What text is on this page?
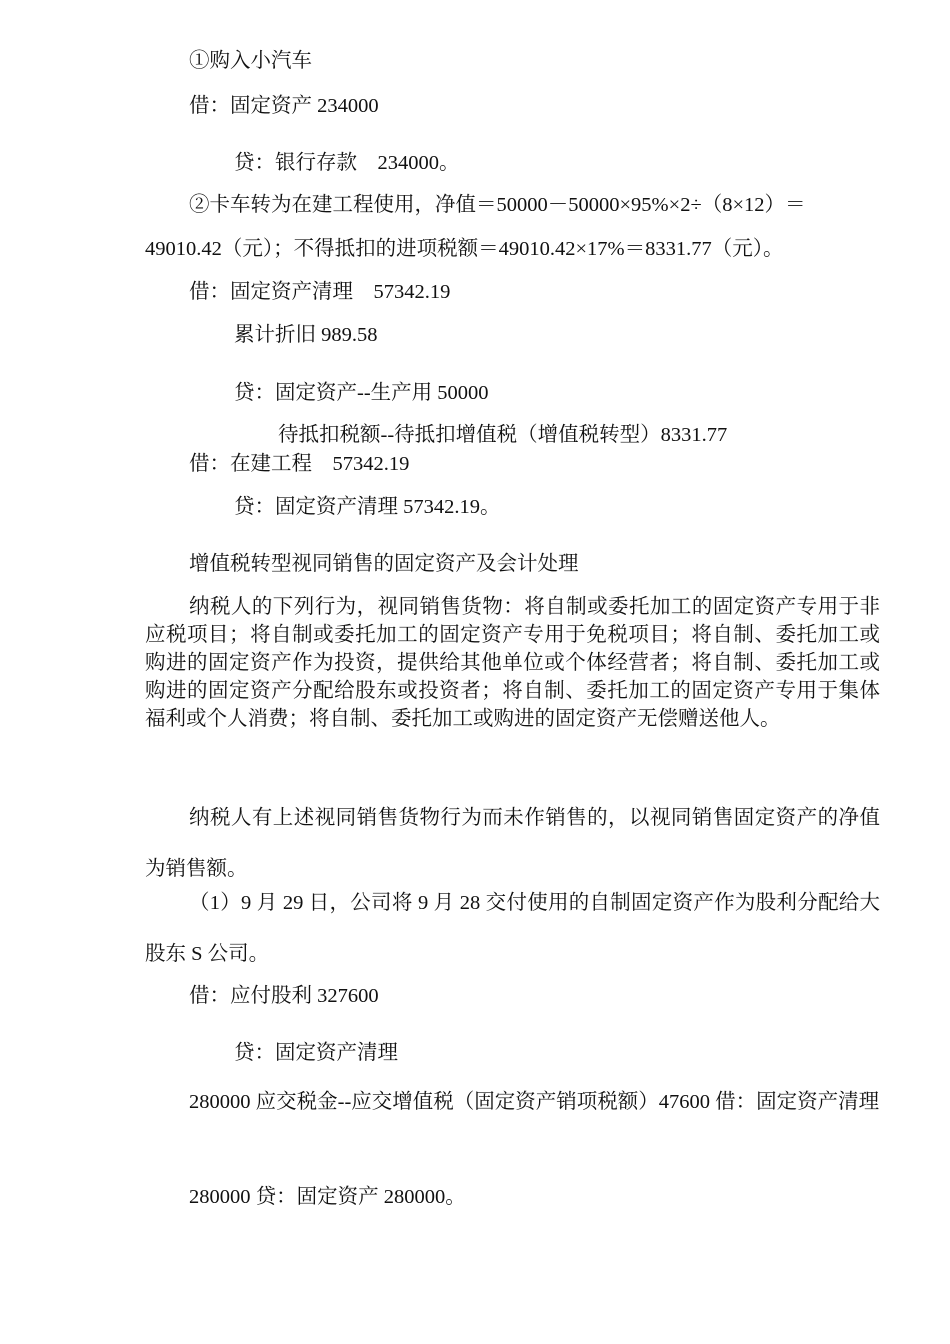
①购入小汽车
借：固定资产 234000
贷：银行存款　234000。
②卡车转为在建工程使用，净值＝50000－50000×95%×2÷（8×12）＝
49010.42（元）；不得抵扣的进项税额＝49010.42×17%＝8331.77（元）。
借：固定资产清理　57342.19
累计折旧 989.58
贷：固定资产--生产用 50000
待抵扣税额--待抵扣增值税（增值税转型）8331.77
借：在建工程　57342.19
贷：固定资产清理 57342.19。
增值税转型视同销售的固定资产及会计处理
纳税人的下列行为，视同销售货物：将自制或委托加工的固定资产专用于非应税项目；将自制或委托加工的固定资产专用于免税项目；将自制、委托加工或购进的固定资产作为投资，提供给其他单位或个体经营者；将自制、委托加工或购进的固定资产分配给股东或投资者；将自制、委托加工的固定资产专用于集体福利或个人消费；将自制、委托加工或购进的固定资产无偿赠送他人。
纳税人有上述视同销售货物行为而未作销售的，以视同销售固定资产的净值为销售额。
（1）9 月 29 日，公司将 9 月 28 交付使用的自制固定资产作为股利分配给大股东 S 公司。
借：应付股利 327600
贷：固定资产清理
280000 应交税金--应交增值税（固定资产销项税额）47600 借：固定资产清理
280000 贷：固定资产 280000。
